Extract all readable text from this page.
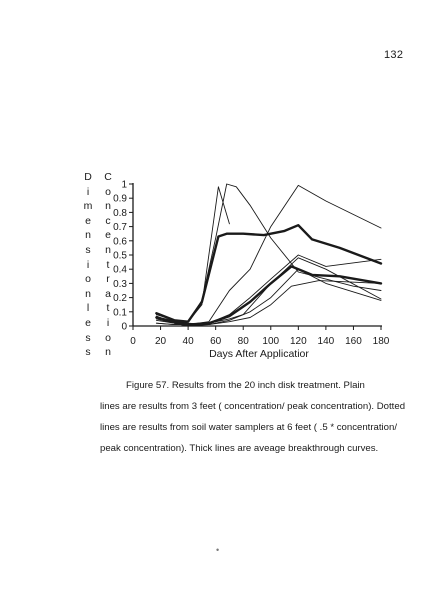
132
D
i
m
e
n
s
i
o
n
l
e
s
s
C
o
n
c
e
n
t
r
a
t
i
o
n
0
0.1
0.2
0.3
0.4
0.5
0.6
0.7
0.8
0.9
1
0 20 40 60 80 100 120 140 160 180
Days After Applicatior
Figure 57. Results from the 20 inch disk treatment. Plain
lines are results from 3 feet ( concentration/ peak concentration). Dotted
lines are results from soil water samplers at 6 feet ( .5 * concentration/
peak concentration). Thick lines are aveage breakthrough curves.
•
